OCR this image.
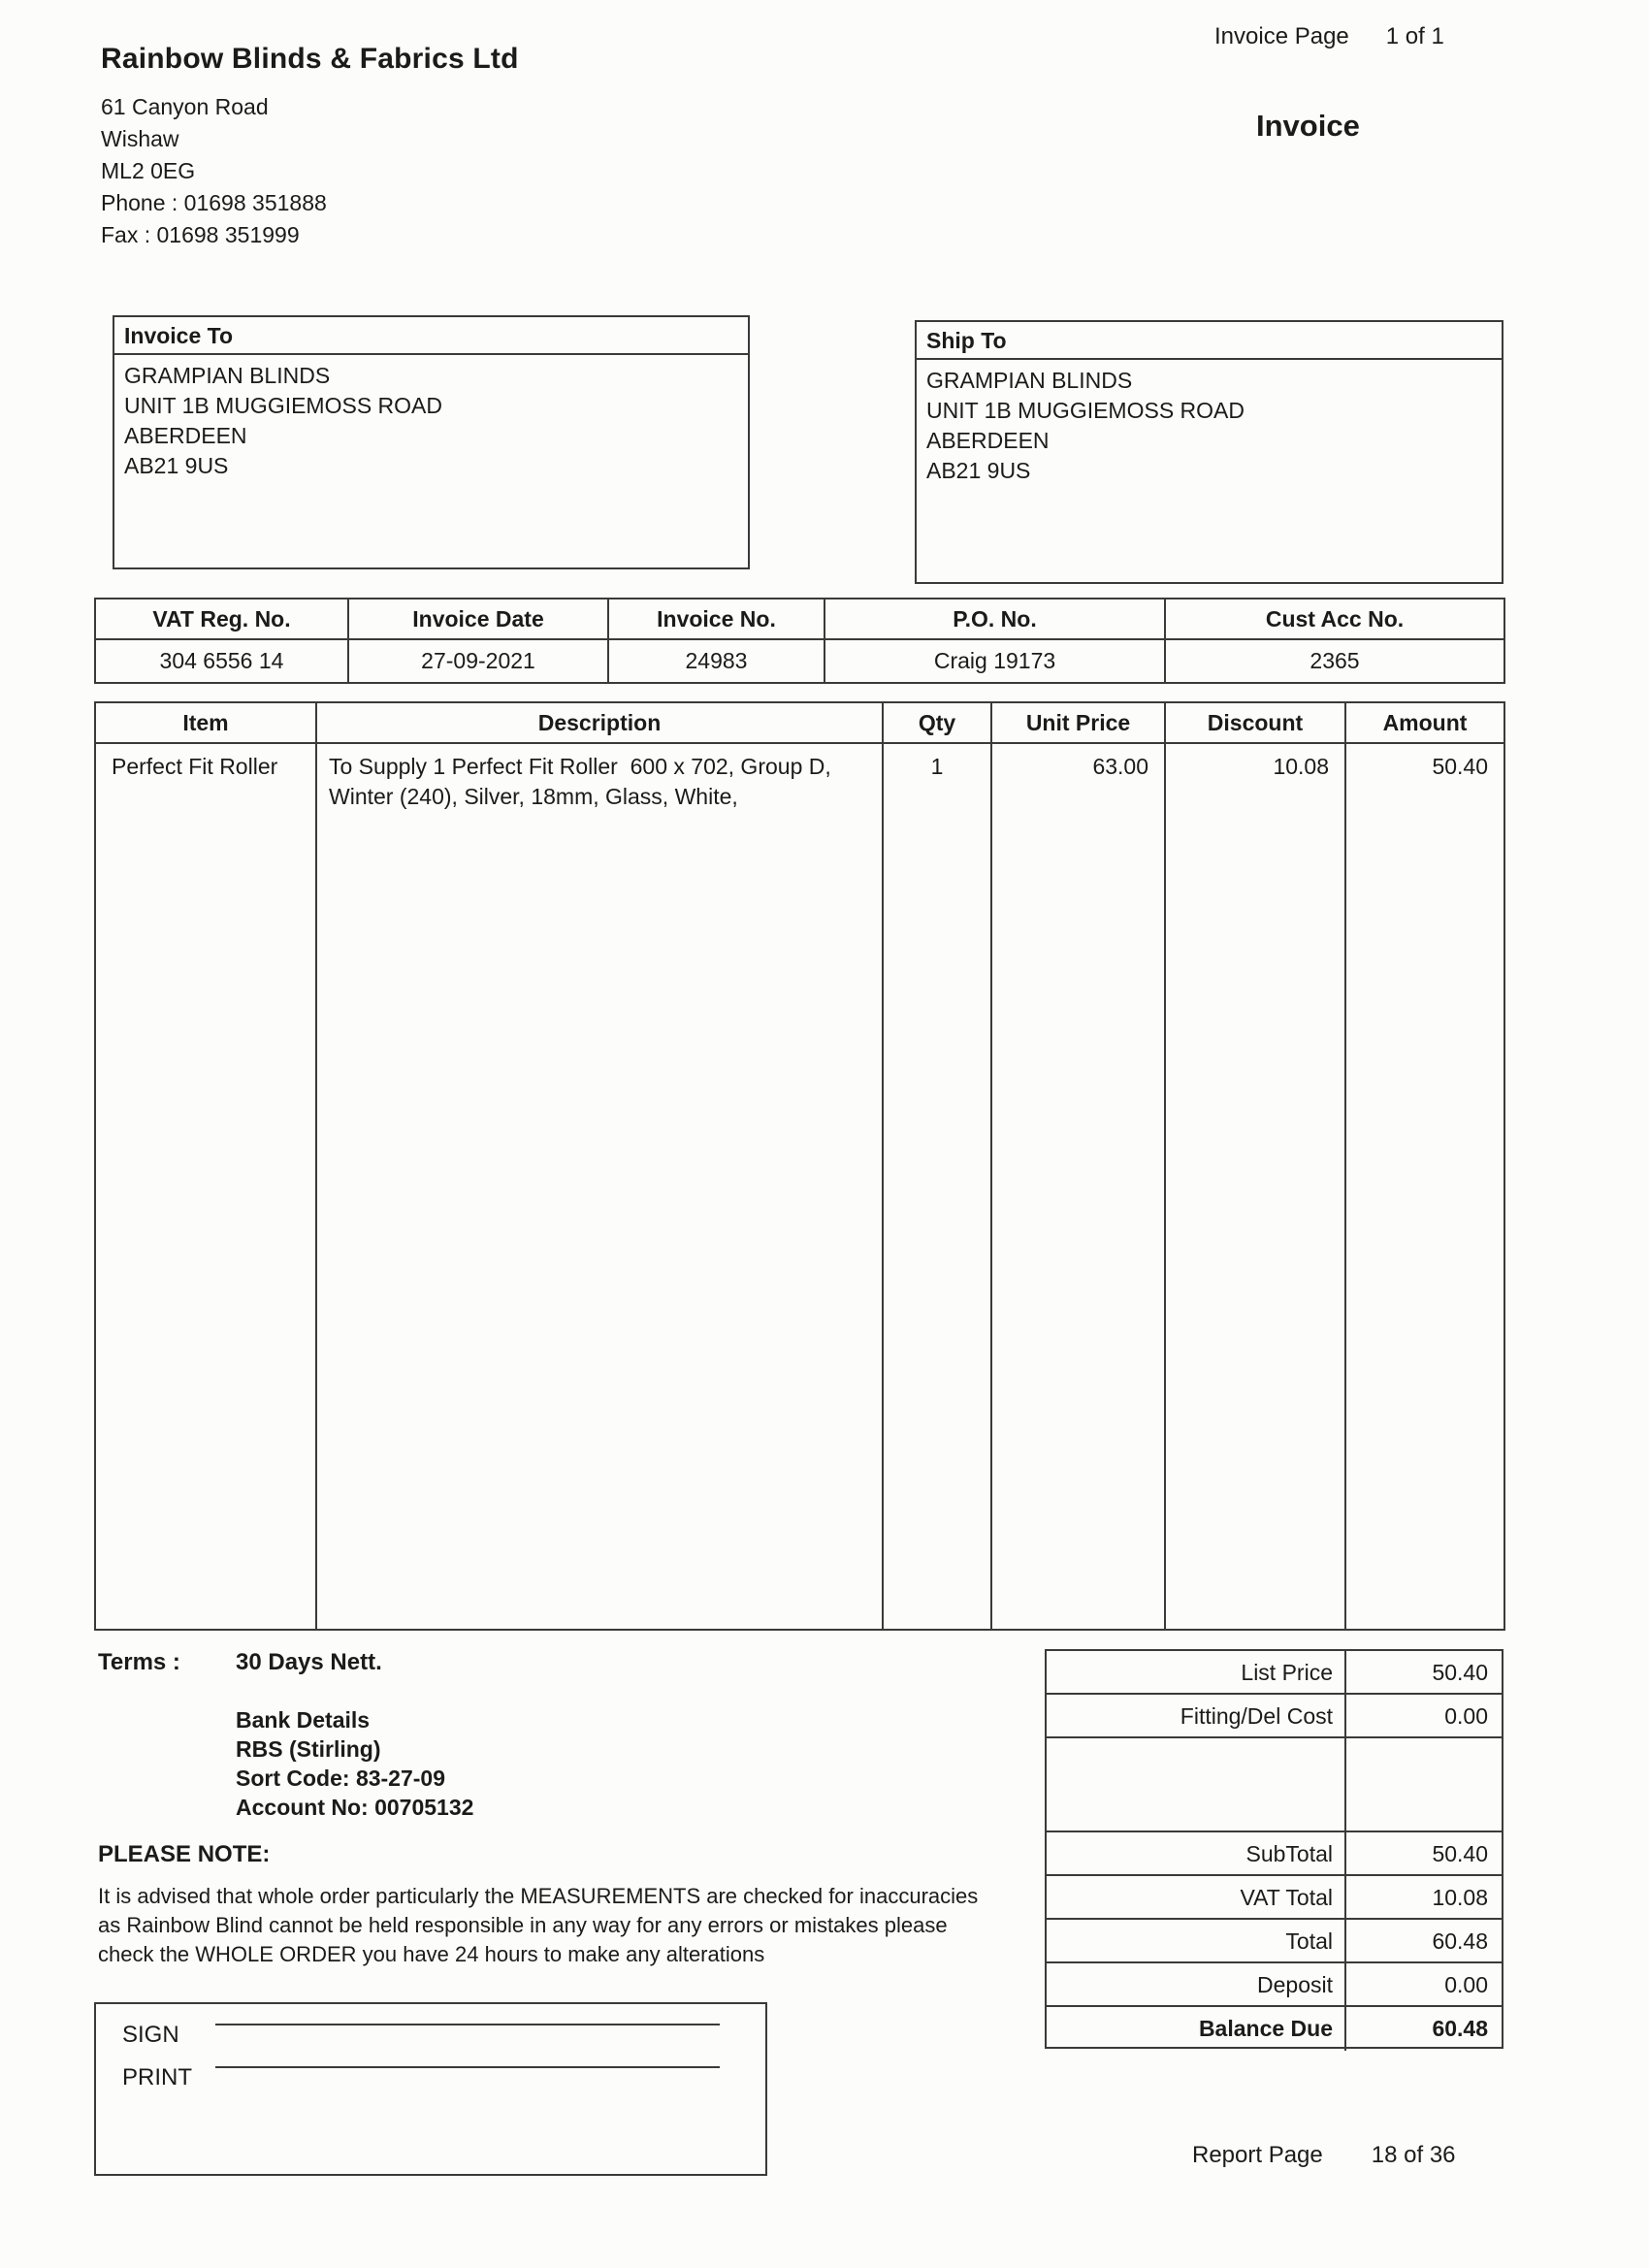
Invoice Page 1 of 1
Rainbow Blinds & Fabrics Ltd
61 Canyon Road
Wishaw
ML2 0EG
Phone : 01698 351888
Fax : 01698 351999
Invoice
Invoice To
GRAMPIAN BLINDS
UNIT 1B MUGGIEMOSS ROAD
ABERDEEN
AB21 9US
Ship To
GRAMPIAN BLINDS
UNIT 1B MUGGIEMOSS ROAD
ABERDEEN
AB21 9US
VAT Reg. No.	Invoice Date	Invoice No.	P.O. No.	Cust Acc No.
304 6556 14	27-09-2021	24983	Craig 19173	2365
Item	Description	Qty	Unit Price	Discount	Amount
Perfect Fit Roller	To Supply 1 Perfect Fit Roller  600 x 702, Group D, Winter (240), Silver, 18mm, Glass, White,	1	63.00	10.08	50.40
Terms : 30 Days Nett.
Bank Details
RBS (Stirling)
Sort Code: 83-27-09
Account No: 00705132
PLEASE NOTE:
It is advised that whole order particularly the MEASUREMENTS are checked for inaccuracies as Rainbow Blind cannot be held responsible in any way for any errors or mistakes please check the WHOLE ORDER you have 24 hours to make any alterations
List Price	50.40
Fitting/Del Cost	0.00
SubTotal	50.40
VAT Total	10.08
Total	60.48
Deposit	0.00
Balance Due	60.48
SIGN
PRINT
Report Page 18 of 36
